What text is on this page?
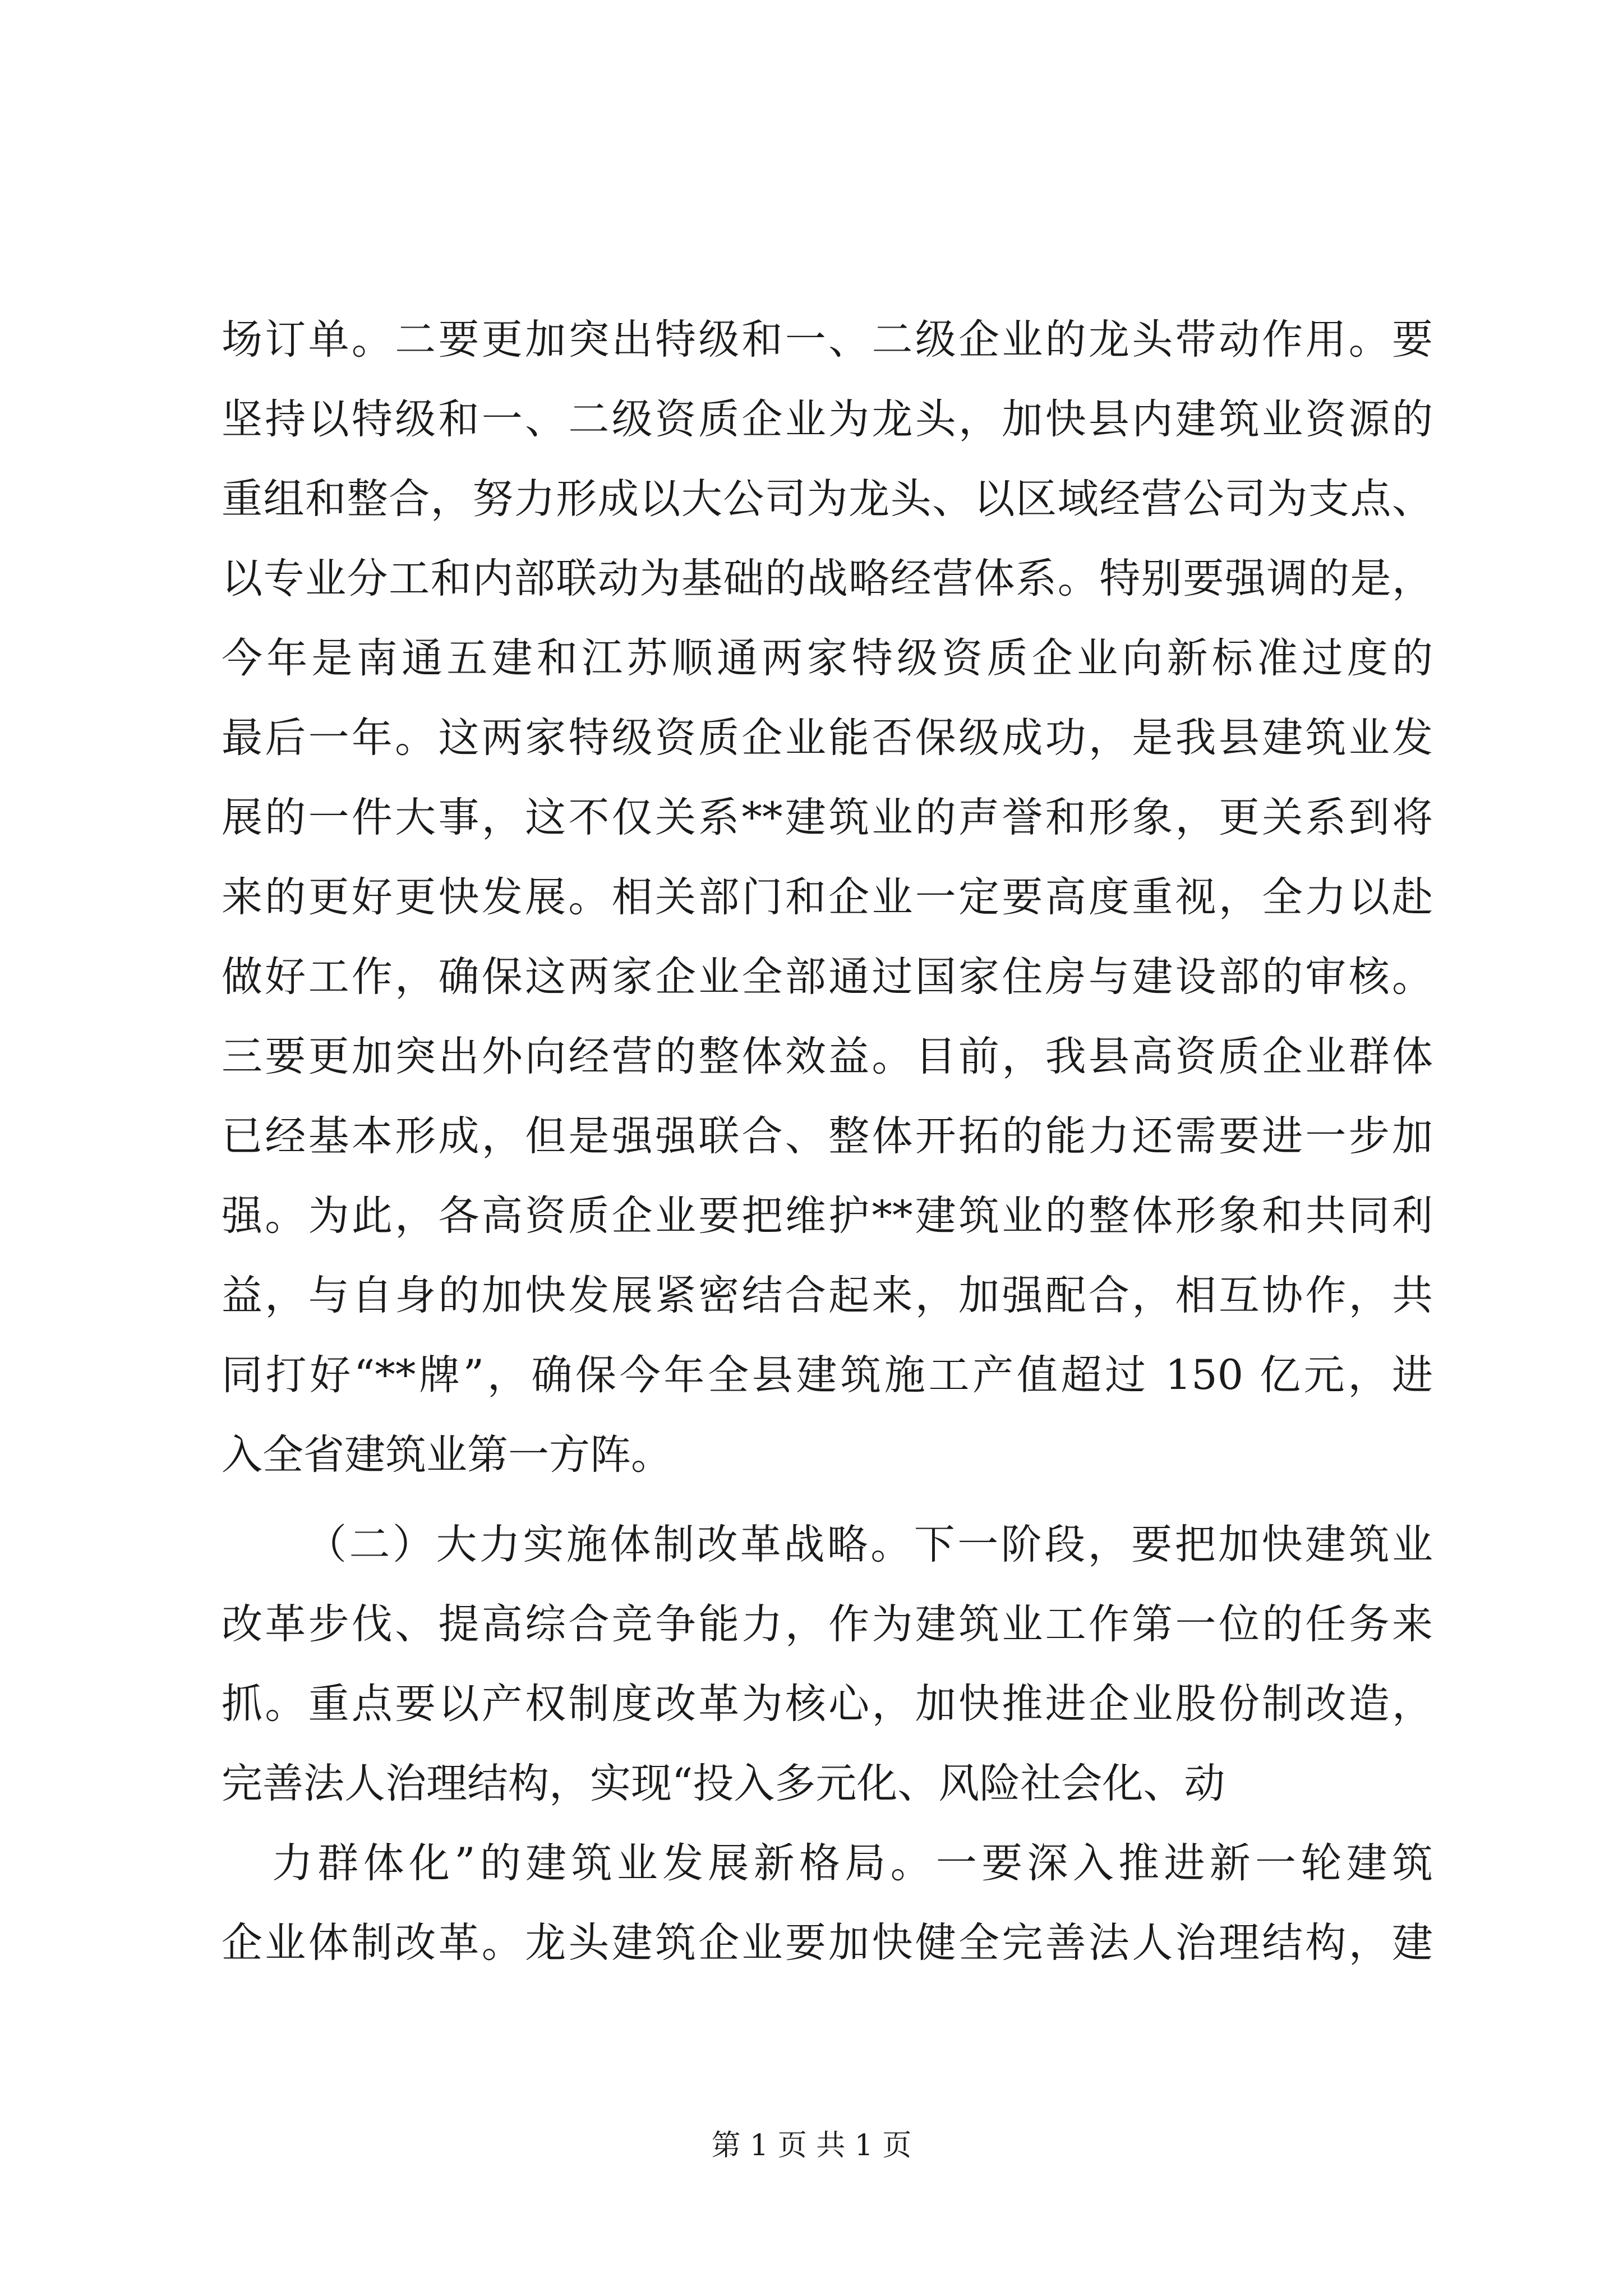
场订单。二要更加突出特级和一、二级企业的龙头带动作用。要
坚持以特级和一、二级资质企业为龙头，加快县内建筑业资源的
重组和整合，努力形成以大公司为龙头、以区域经营公司为支点、
以专业分工和内部联动为基础的战略经营体系。特别要强调的是，
今年是南通五建和江苏顺通两家特级资质企业向新标准过度的
最后一年。这两家特级资质企业能否保级成功，是我县建筑业发
展的一件大事，这不仅关系**建筑业的声誉和形象，更关系到将
来的更好更快发展。相关部门和企业一定要高度重视，全力以赴
做好工作，确保这两家企业全部通过国家住房与建设部的审核。
三要更加突出外向经营的整体效益。目前，我县高资质企业群体
已经基本形成，但是强强联合、整体开拓的能力还需要进一步加
强。为此，各高资质企业要把维护**建筑业的整体形象和共同利
益，与自身的加快发展紧密结合起来，加强配合，相互协作，共
同打好“**牌”，确保今年全县建筑施工产值超过 150 亿元，进
入全省建筑业第一方阵。
（二）大力实施体制改革战略。下一阶段，要把加快建筑业
改革步伐、提高综合竞争能力，作为建筑业工作第一位的任务来
抓。重点要以产权制度改革为核心，加快推进企业股份制改造，
完善法人治理结构，实现“投入多元化、风险社会化、动
力群体化”的建筑业发展新格局。一要深入推进新一轮建筑
企业体制改革。龙头建筑企业要加快健全完善法人治理结构，建
第 1 页 共 1 页
